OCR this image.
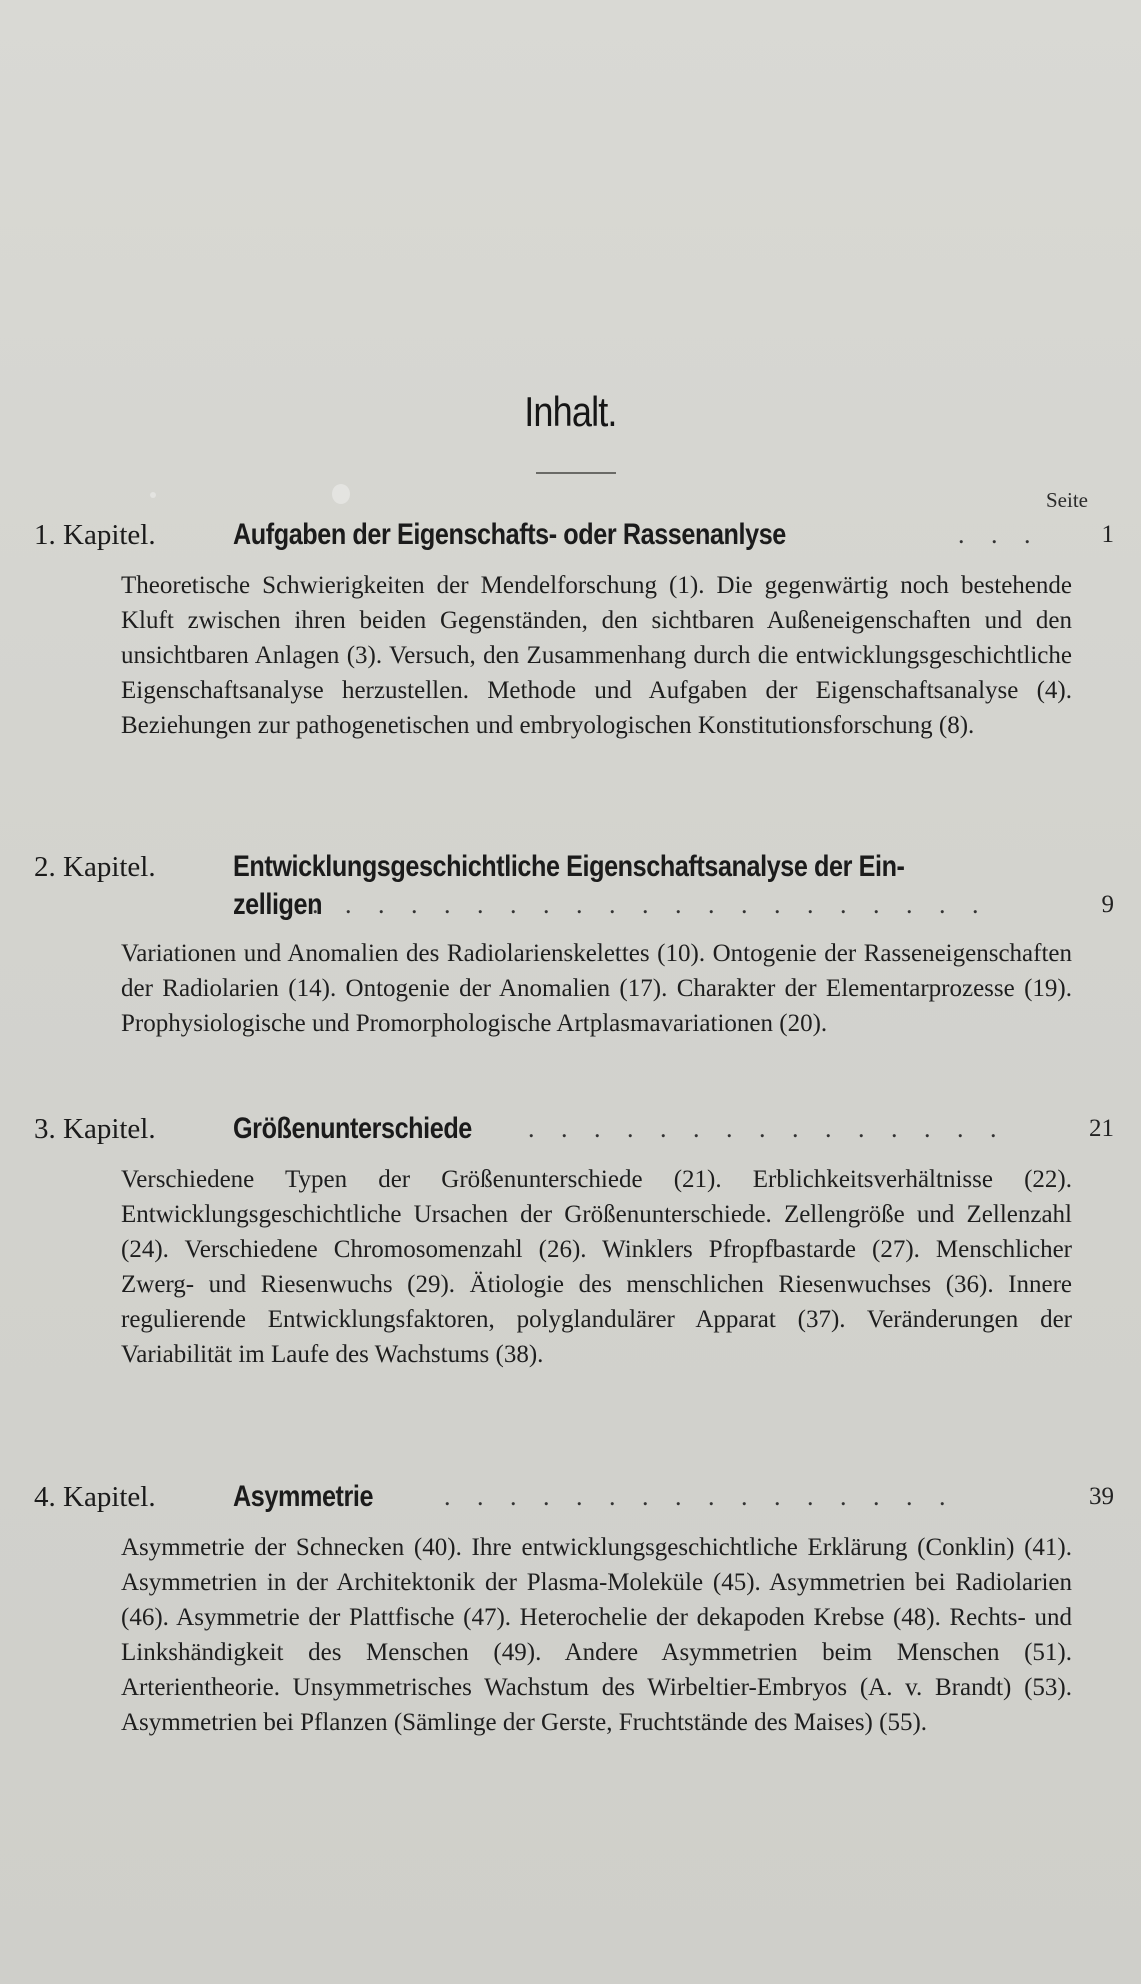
Inhalt.
Seite
1. Kapitel.	Aufgaben der Eigenschafts- oder Rassenanlyse	. . . 1
Theoretische Schwierigkeiten der Mendelforschung (1). Die gegenwärtig noch bestehende Kluft zwischen ihren beiden Gegenständen, den sichtbaren Außeneigenschaften und den unsichtbaren Anlagen (3). Versuch, den Zusammenhang durch die entwicklungsgeschichtliche Eigenschaftsanalyse herzustellen. Methode und Aufgaben der Eigenschaftsanalyse (4). Beziehungen zur pathogenetischen und embryologischen Konstitutionsforschung (8).
2. Kapitel.	Entwicklungsgeschichtliche Eigenschaftsanalyse der Ein-
zelligen
. . . . . . . . . . . . . . . . . . . . .	9
Variationen und Anomalien des Radiolarienskelettes (10). Ontogenie der Rasseneigenschaften der Radiolarien (14). Ontogenie der Anomalien (17). Charakter der Elementarprozesse (19). Prophysiologische und Promorphologische Artplasmavariationen (20).
3. Kapitel.	Größenunterschiede . . . . . . . . . . . . . . .	21
Verschiedene Typen der Größenunterschiede (21). Erblichkeitsverhältnisse (22). Entwicklungsgeschichtliche Ursachen der Größenunterschiede. Zellengröße und Zellenzahl (24). Verschiedene Chromosomenzahl (26). Winklers Pfropfbastarde (27). Menschlicher Zwerg- und Riesenwuchs (29). Ätiologie des menschlichen Riesenwuchses (36). Innere regulierende Entwicklungsfaktoren, polyglandulärer Apparat (37). Veränderungen der Variabilität im Laufe des Wachstums (38).
4. Kapitel.	Asymmetrie	. . . . . . . . . . . . . . . .	39
Asymmetrie der Schnecken (40). Ihre entwicklungsgeschichtliche Erklärung (Conklin) (41). Asymmetrien in der Architektonik der Plasma-Moleküle (45). Asymmetrien bei Radiolarien (46). Asymmetrie der Plattfische (47). Heterochelie der dekapoden Krebse (48). Rechts- und Linkshändigkeit des Menschen (49). Andere Asymmetrien beim Menschen (51). Arterientheorie. Unsymmetrisches Wachstum des Wirbeltier-Embryos (A. v. Brandt) (53). Asymmetrien bei Pflanzen (Sämlinge der Gerste, Fruchtstände des Maises) (55).
